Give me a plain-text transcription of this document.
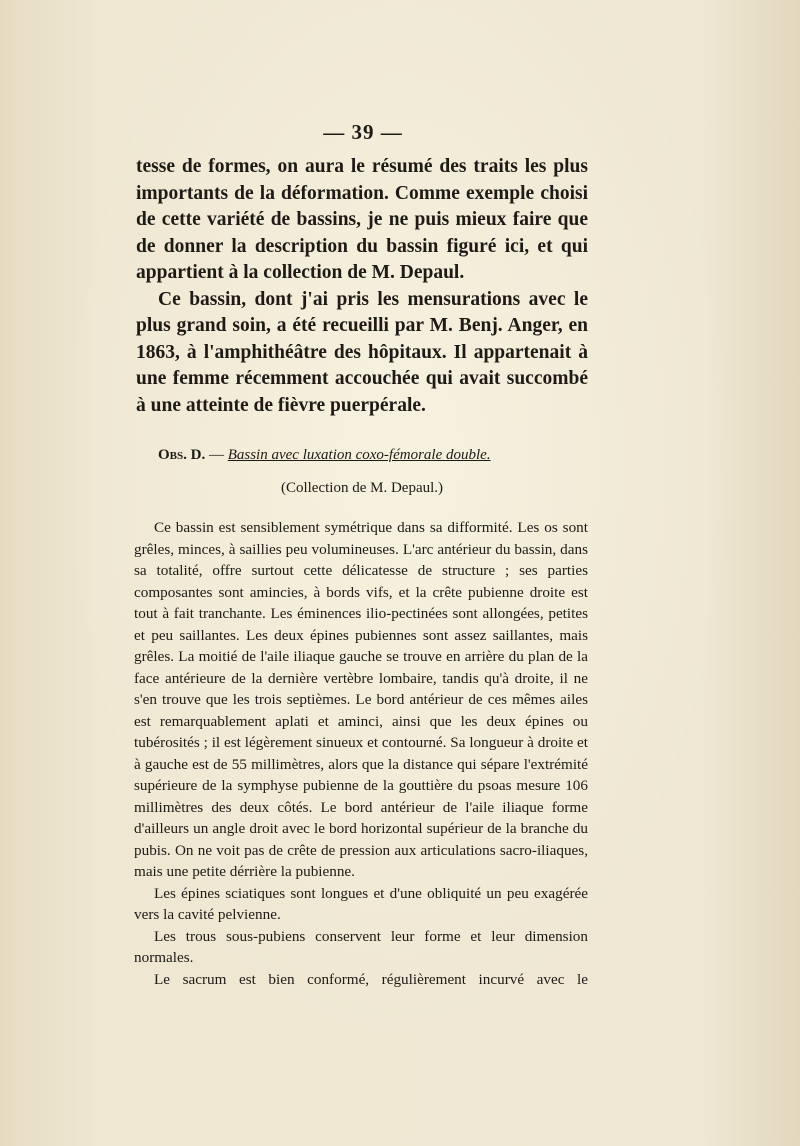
— 39 —

tesse de formes, on aura le résumé des traits les plus importants de la déformation. Comme exemple choisi de cette variété de bassins, je ne puis mieux faire que de donner la description du bassin figuré ici, et qui appartient à la collection de M. Depaul.

Ce bassin, dont j'ai pris les mensurations avec le plus grand soin, a été recueilli par M. Benj. Anger, en 1863, à l'amphithéâtre des hôpitaux. Il appartenait à une femme récemment accouchée qui avait succombé à une atteinte de fièvre puerpérale.

Obs. D. — Bassin avec luxation coxo-fémorale double.
(Collection de M. Depaul.)

Ce bassin est sensiblement symétrique dans sa difformité. Les os sont grêles, minces, à saillies peu volumineuses. L'arc antérieur du bassin, dans sa totalité, offre surtout cette délicatesse de structure ; ses parties composantes sont amincies, à bords vifs, et la crête pubienne droite est tout à fait tranchante. Les éminences ilio-pectinées sont allongées, petites et peu saillantes. Les deux épines pubiennes sont assez saillantes, mais grêles. La moitié de l'aile iliaque gauche se trouve en arrière du plan de la face antérieure de la dernière vertèbre lombaire, tandis qu'à droite, il ne s'en trouve que les trois septièmes. Le bord antérieur de ces mêmes ailes est remarquablement aplati et aminci, ainsi que les deux épines ou tubérosités ; il est légèrement sinueux et contourné. Sa longueur à droite et à gauche est de 55 millimètres, alors que la distance qui sépare l'extrémité supérieure de la symphyse pubienne de la gouttière du psoas mesure 106 millimètres des deux côtés. Le bord antérieur de l'aile iliaque forme d'ailleurs un angle droit avec le bord horizontal supérieur de la branche du pubis. On ne voit pas de crête de pression aux articulations sacro-iliaques, mais une petite dérrière la pubienne.

Les épines sciatiques sont longues et d'une obliquité un peu exagérée vers la cavité pelvienne.

Les trous sous-pubiens conservent leur forme et leur dimension normales.

Le sacrum est bien conformé, régulièrement incurvé avec le
